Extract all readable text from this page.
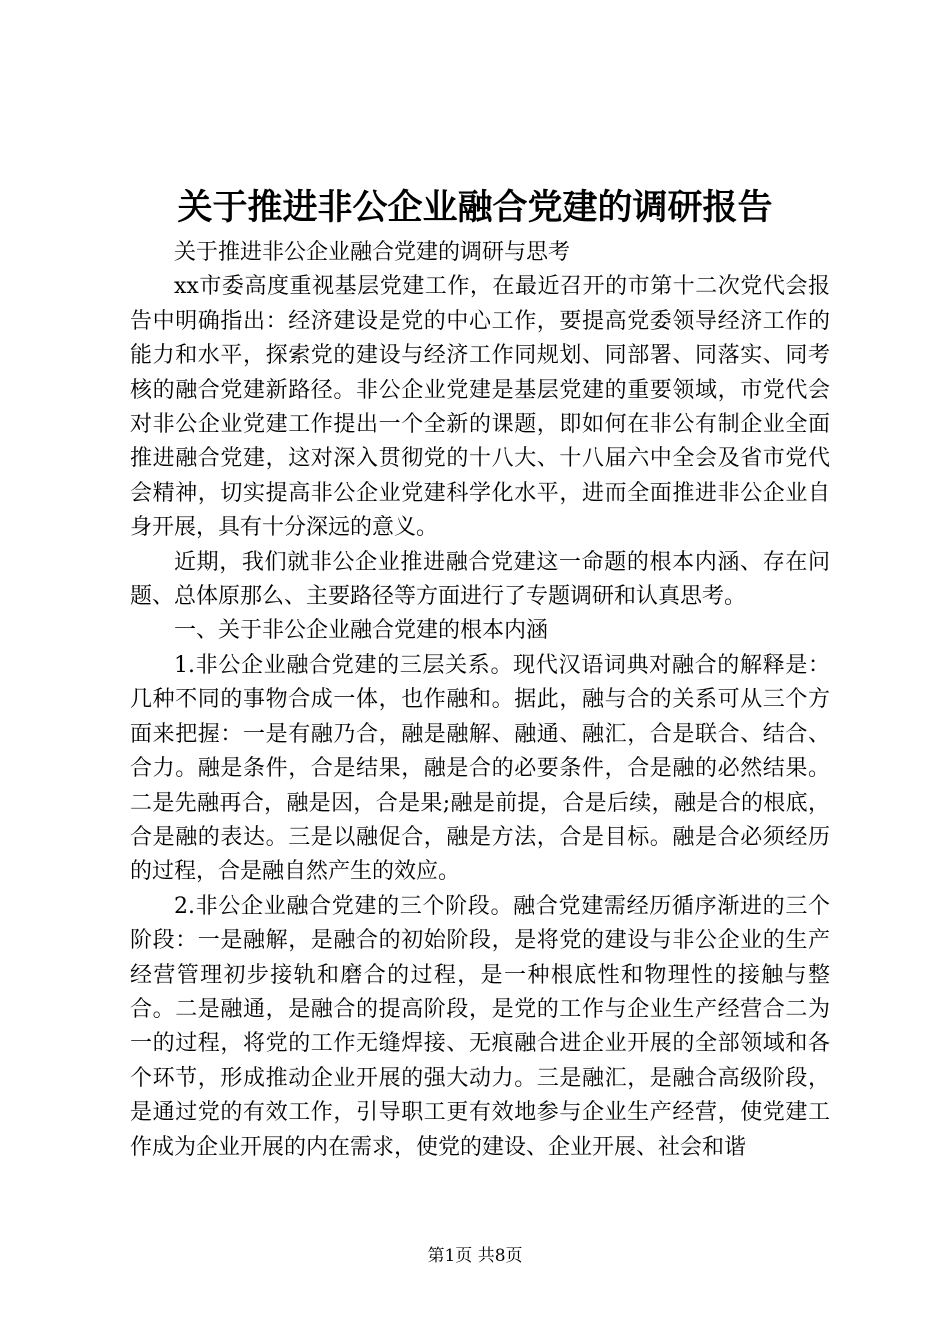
关于推进非公企业融合党建的调研报告

关于推进非公企业融合党建的调研与思考

xx市委高度重视基层党建工作，在最近召开的市第十二次党代会报告中明确指出：经济建设是党的中心工作，要提高党委领导经济工作的能力和水平，探索党的建设与经济工作同规划、同部署、同落实、同考核的融合党建新路径。非公企业党建是基层党建的重要领域，市党代会对非公企业党建工作提出一个全新的课题，即如何在非公有制企业全面推进融合党建，这对深入贯彻党的十八大、十八届六中全会及省市党代会精神，切实提高非公企业党建科学化水平，进而全面推进非公企业自身开展，具有十分深远的意义。

近期，我们就非公企业推进融合党建这一命题的根本内涵、存在问题、总体原那么、主要路径等方面进行了专题调研和认真思考。

一、关于非公企业融合党建的根本内涵

1.非公企业融合党建的三层关系。现代汉语词典对融合的解释是：几种不同的事物合成一体，也作融和。据此，融与合的关系可从三个方面来把握：一是有融乃合，融是融解、融通、融汇，合是联合、结合、合力。融是条件，合是结果，融是合的必要条件，合是融的必然结果。二是先融再合，融是因，合是果;融是前提，合是后续，融是合的根底，合是融的表达。三是以融促合，融是方法，合是目标。融是合必须经历的过程，合是融自然产生的效应。

2.非公企业融合党建的三个阶段。融合党建需经历循序渐进的三个阶段：一是融解，是融合的初始阶段，是将党的建设与非公企业的生产经营管理初步接轨和磨合的过程，是一种根底性和物理性的接触与整合。二是融通，是融合的提高阶段，是党的工作与企业生产经营合二为一的过程，将党的工作无缝焊接、无痕融合进企业开展的全部领域和各个环节，形成推动企业开展的强大动力。三是融汇，是融合高级阶段，是通过党的有效工作，引导职工更有效地参与企业生产经营，使党建工作成为企业开展的内在需求，使党的建设、企业开展、社会和谐

第1页 共8页
